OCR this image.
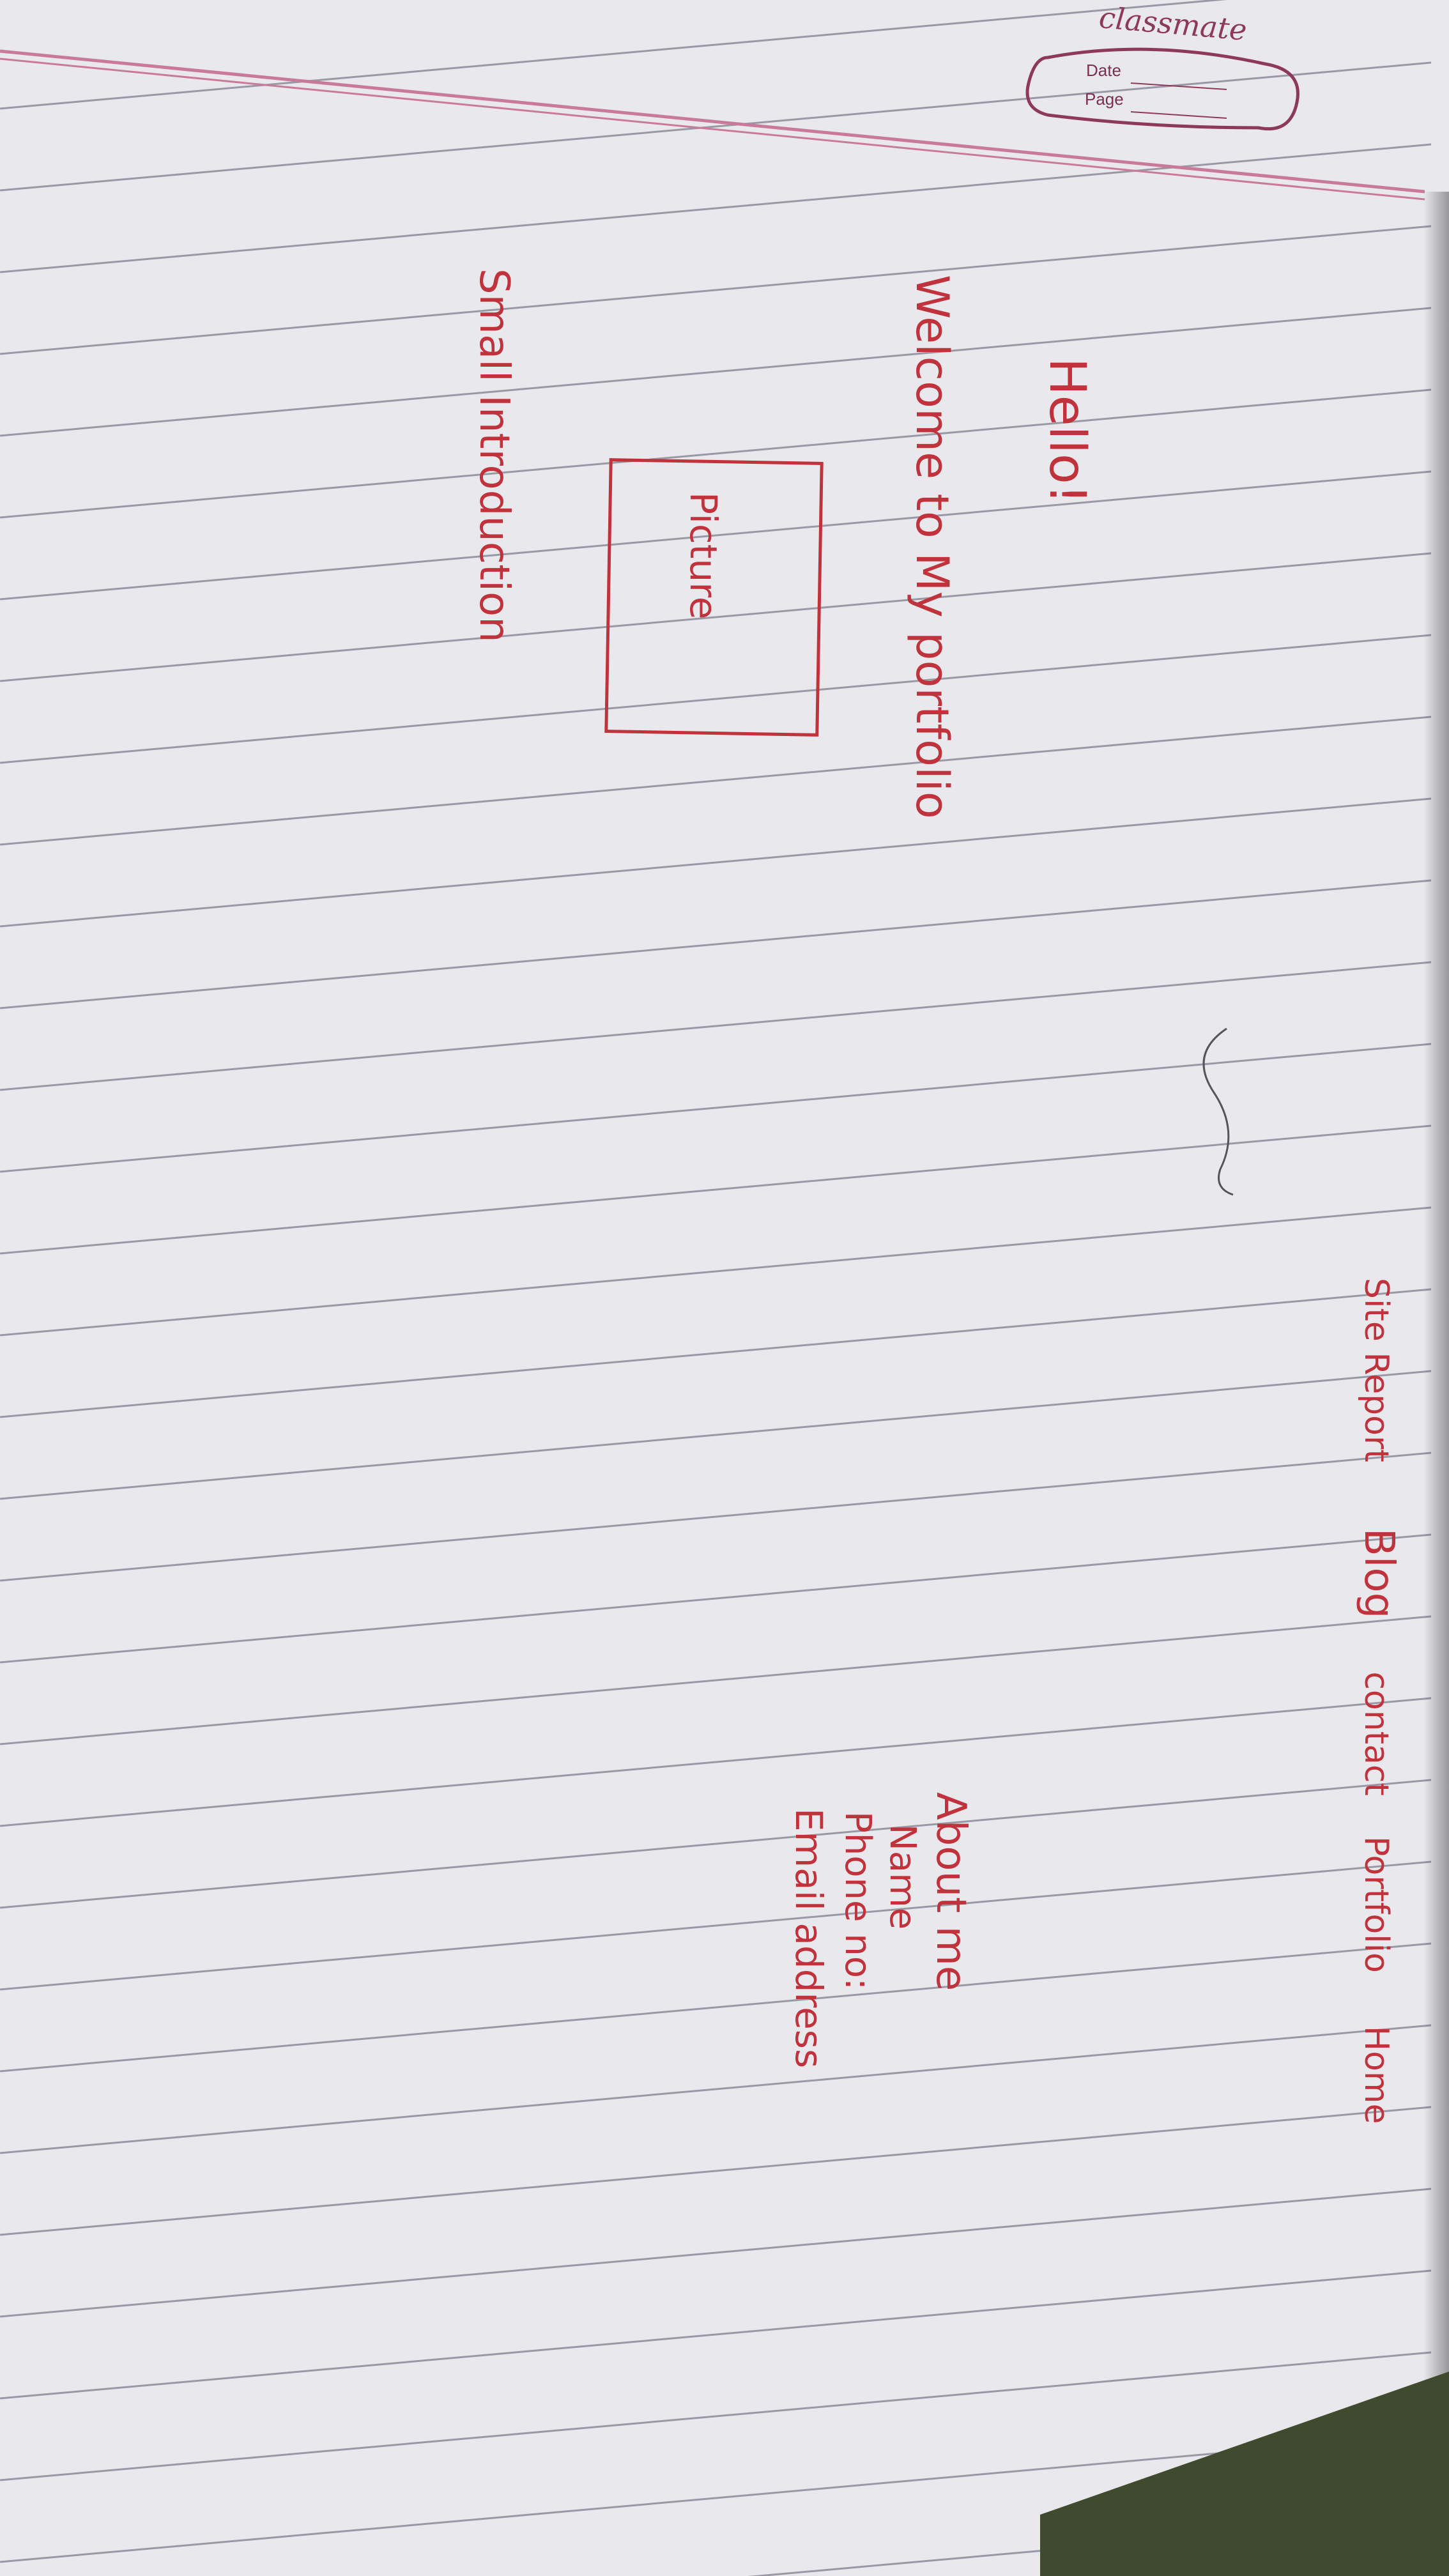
classmate
Date
Page
Hello!
Welcome to My portfolio
Picture
Small Introduction
Site Report  Blog  contact  Portfolio  Home
About me
Name
Phone no:
Email address
